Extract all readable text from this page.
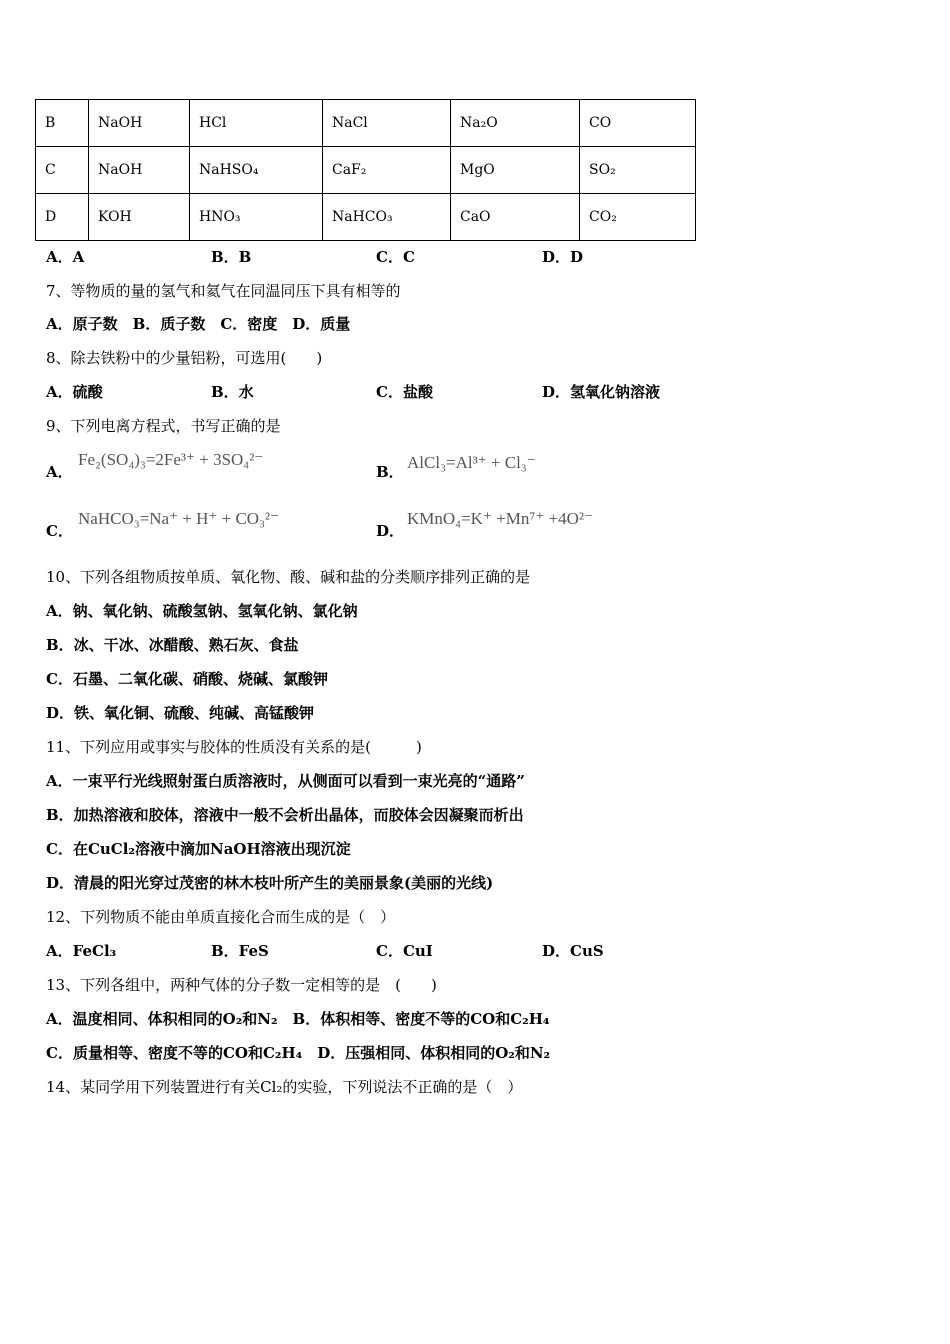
B	NaOH	HCl	NaCl	Na₂O	CO
C	NaOH	NaHSO₄	CaF₂	MgO	SO₂
D	KOH	HNO₃	NaHCO₃	CaO	CO₂
A．A	B．B	C．C	D．D
7、等物质的量的氢气和氦气在同温同压下具有相等的
A．原子数　B．质子数　C．密度　D．质量
8、除去铁粉中的少量铝粉，可选用(　　)
A．硫酸	B．水	C．盐酸	D．氢氧化钠溶液
9、下列电离方程式，书写正确的是
A．
Fe₂(SO₄)₃=2Fe³⁺ + 3SO₄²⁻
B． AlCl₃=Al³⁺ + Cl₃⁻
C．
NaHCO₃=Na⁺ + H⁺ + CO₃²⁻
D．
KMnO₄=K⁺ +Mn⁷⁺ +4O²⁻
10、下列各组物质按单质、氧化物、酸、碱和盐的分类顺序排列正确的是
A．钠、氧化钠、硫酸氢钠、氢氧化钠、氯化钠
B．冰、干冰、冰醋酸、熟石灰、食盐
C．石墨、二氧化碳、硝酸、烧碱、氯酸钾
D．铁、氧化铜、硫酸、纯碱、高锰酸钾
11、下列应用或事实与胶体的性质没有关系的是(　　　)
A．一束平行光线照射蛋白质溶液时，从侧面可以看到一束光亮的“通路”
B．加热溶液和胶体，溶液中一般不会析出晶体，而胶体会因凝聚而析出
C．在CuCl₂溶液中滴加NaOH溶液出现沉淀
D．清晨的阳光穿过茂密的林木枝叶所产生的美丽景象(美丽的光线)
12、下列物质不能由单质直接化合而生成的是（　）
A．FeCl₃	B．FeS	C．CuI	D．CuS
13、下列各组中，两种气体的分子数一定相等的是　(　　)
A．温度相同、体积相同的O₂和N₂　B．体积相等、密度不等的CO和C₂H₄
C．质量相等、密度不等的CO和C₂H₄　D．压强相同、体积相同的O₂和N₂
14、某同学用下列装置进行有关Cl₂的实验，下列说法不正确的是（　）
